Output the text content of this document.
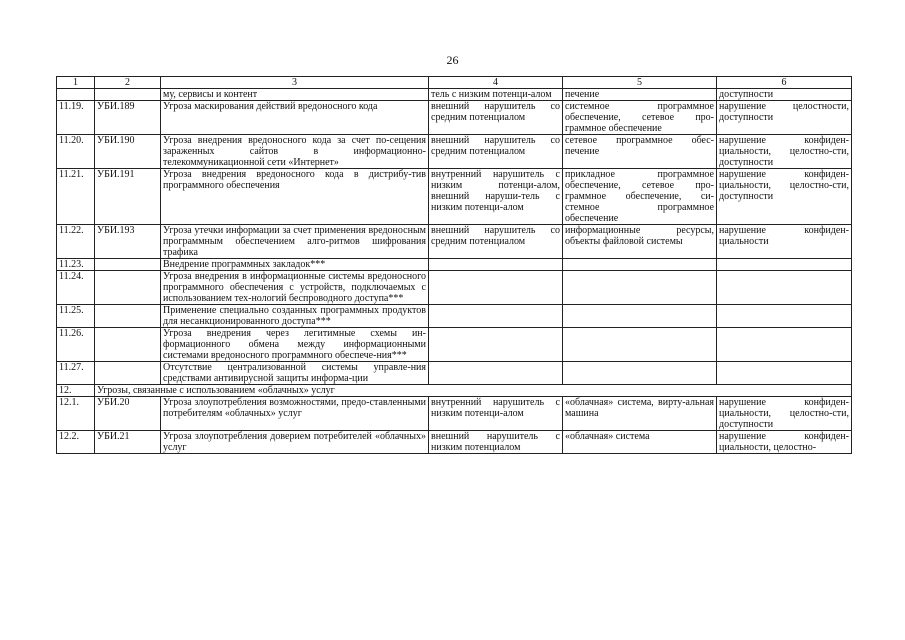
26
1	2	3	4	5	6
		му, сервисы и контент	тель с низким потенци-алом	печение	доступности
11.19.	УБИ.189	Угроза маскирования действий вредоносного кода	внешний нарушитель со средним потенциалом	системное программное обеспечение, сетевое про-граммное обеспечение	нарушение целостности, доступности
11.20.	УБИ.190	Угроза внедрения вредоносного кода за счет по-сещения зараженных сайтов в информационно-телекоммуникационной сети «Интернет»	внешний нарушитель со средним потенциалом	сетевое программное обес-печение	нарушение конфиден-циальности, целостно-сти, доступности
11.21.	УБИ.191	Угроза внедрения вредоносного кода в дистрибу-тив программного обеспечения	внутренний нарушитель с низким потенци-алом, внешний наруши-тель с низким потенци-алом	прикладное программное обеспечение, сетевое про-граммное обеспечение, си-стемное программное обеспечение	нарушение конфиден-циальности, целостно-сти, доступности
11.22.	УБИ.193	Угроза утечки информации за счет применения вредоносным программным обеспечением алго-ритмов шифрования трафика	внешний нарушитель со средним потенциалом	информационные ресурсы, объекты файловой системы	нарушение конфиден-циальности
11.23.		Внедрение программных закладок***			
11.24.		Угроза внедрения в информационные системы вредоносного программного обеспечения с устройств, подключаемых с использованием тех-нологий беспроводного доступа***			
11.25.		Применение специально созданных программных продуктов для несанкционированного доступа***			
11.26.		Угроза внедрения через легитимные схемы ин-формационного обмена между информационными системами вредоносного программного обеспече-ния***			
11.27.		Отсутствие централизованной системы управле-ния средствами антивирусной защиты информа-ции			
12.	Угрозы, связанные с использованием «облачных» услуг				
12.1.	УБИ.20	Угроза злоупотребления возможностями, предо-ставленными потребителям «облачных» услуг	внутренний нарушитель с низким потенци-алом	«облачная» система, вирту-альная машина	нарушение конфиден-циальности, целостно-сти, доступности
12.2.	УБИ.21	Угроза злоупотребления доверием потребителей «облачных» услуг	внешний нарушитель с низким потенциалом	«облачная» система	нарушение конфиден-циальности, целостно-
